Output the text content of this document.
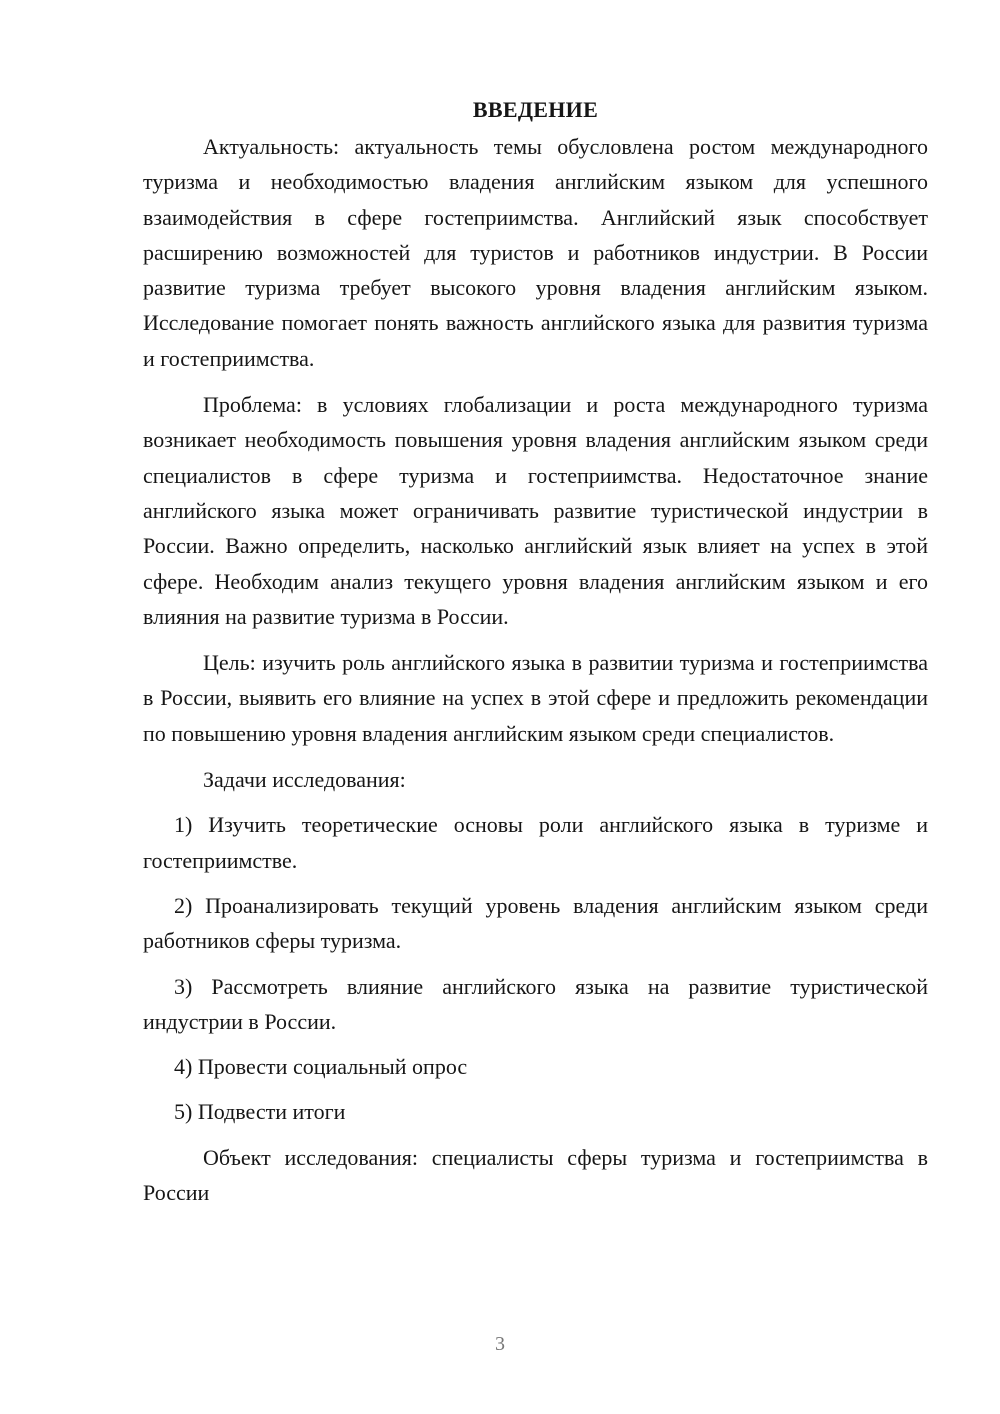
ВВЕДЕНИЕ

Актуальность: актуальность темы обусловлена ростом международного туризма и необходимостью владения английским языком для успешного взаимодействия в сфере гостеприимства. Английский язык способствует расширению возможностей для туристов и работников индустрии. В России развитие туризма требует высокого уровня владения английским языком. Исследование помогает понять важность английского языка для развития туризма и гостеприимства.

Проблема: в условиях глобализации и роста международного туризма возникает необходимость повышения уровня владения английским языком среди специалистов в сфере туризма и гостеприимства. Недостаточное знание английского языка может ограничивать развитие туристической индустрии в России. Важно определить, насколько английский язык влияет на успех в этой сфере. Необходим анализ текущего уровня владения английским языком и его влияния на развитие туризма в России.

Цель: изучить роль английского языка в развитии туризма и гостеприимства в России, выявить его влияние на успех в этой сфере и предложить рекомендации по повышению уровня владения английским языком среди специалистов.

Задачи исследования:

1) Изучить теоретические основы роли английского языка в туризме и гостеприимстве.

2) Проанализировать текущий уровень владения английским языком среди работников сферы туризма.

3) Рассмотреть влияние английского языка на развитие туристической индустрии в России.

4) Провести социальный опрос

5) Подвести итоги

Объект исследования: специалисты сферы туризма и гостеприимства в России

3
